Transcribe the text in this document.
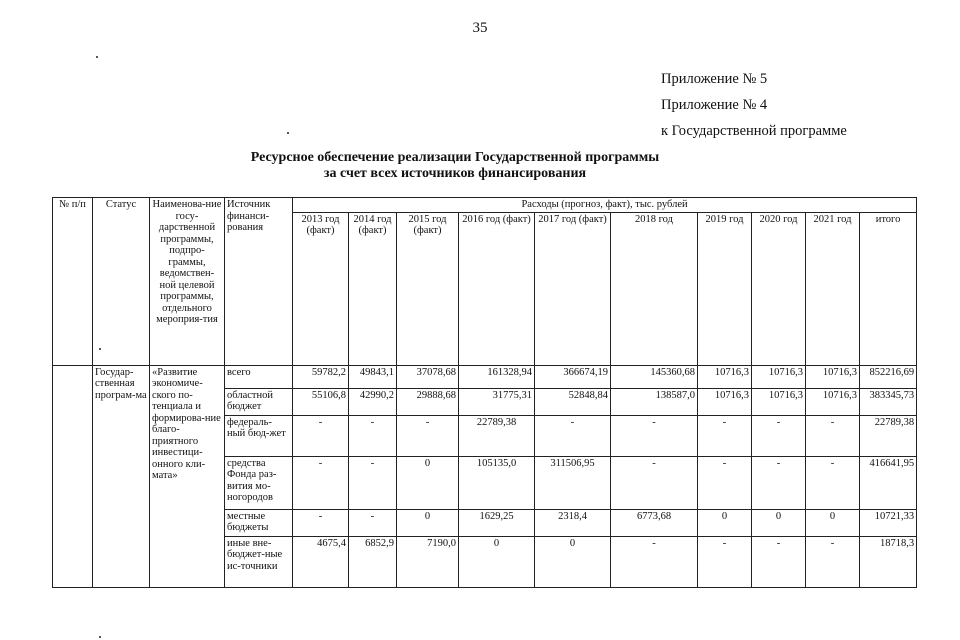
35
Приложение № 5
Приложение № 4
к Государственной программе
Ресурсное обеспечение реализации Государственной программы
за счет всех источников финансирования
№ п/п	Статус	Наименова-ние госу-дарственной программы, подпро-граммы, ведомствен-ной целевой программы, отдельного мероприя-тия	Источник финанси-рования	Расходы (прогноз, факт), тыс. рублей									
				2013 год (факт)	2014 год (факт)	2015 год (факт)	2016 год (факт)	2017 год (факт)	2018 год	2019 год	2020 год	2021 год	итого
	Государ-ственная програм-ма	«Развитие экономиче-ского по-тенциала и формирова-ние благо-приятного инвестици-онного кли-мата»	всего	59782,2	49843,1	37078,68	161328,94	366674,19	145360,68	10716,3	10716,3	10716,3	852216,69
			областной бюджет	55106,8	42990,2	29888,68	31775,31	52848,84	138587,0	10716,3	10716,3	10716,3	383345,73
			федераль-ный бюд-жет	-	-	-	22789,38	-	-	-	-	-	22789,38
			средства Фонда раз-вития мо-ногородов	-	-	0	105135,0	311506,95	-	-	-	-	416641,95
			местные бюджеты	-	-	0	1629,25	2318,4	6773,68	0	0	0	10721,33
			иные вне-бюджет-ные ис-точники	4675,4	6852,9	7190,0	0	0	-	-	-	-	18718,3
